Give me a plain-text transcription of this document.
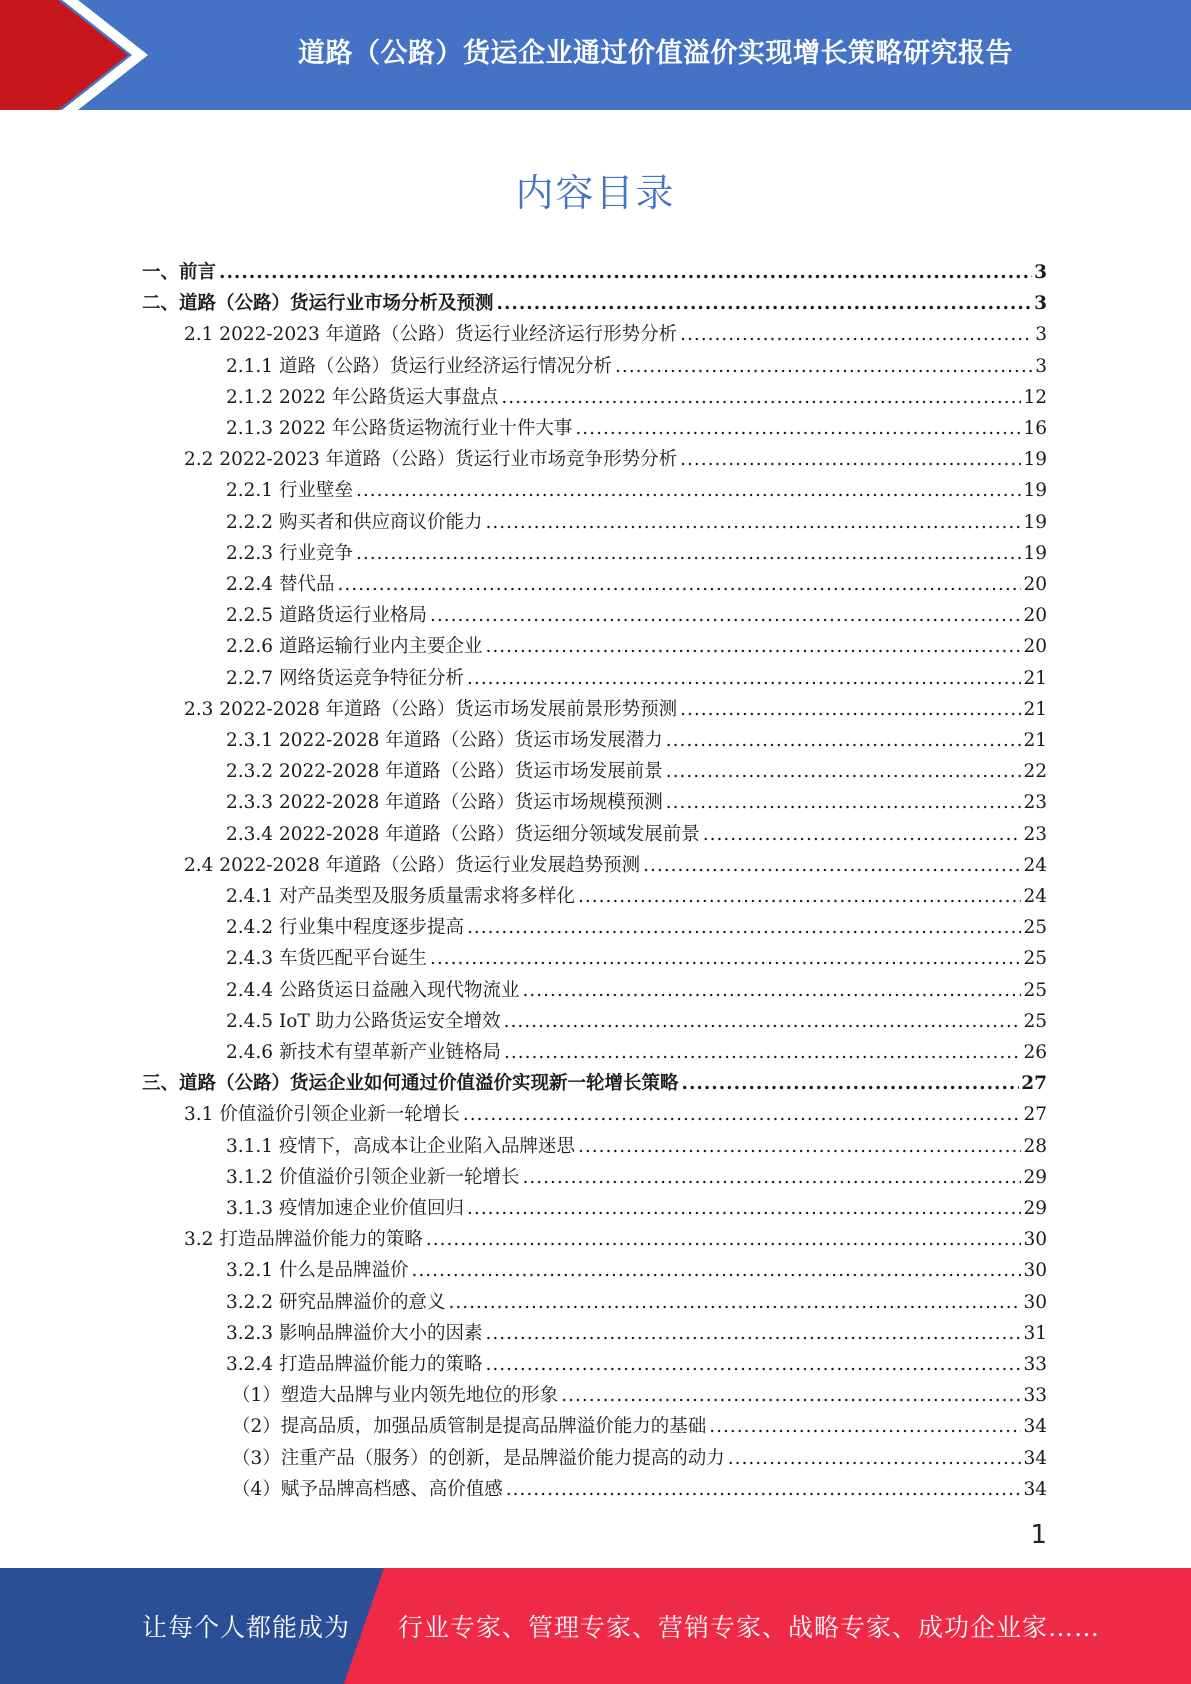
道路（公路）货运企业通过价值溢价实现增长策略研究报告
内容目录
一、前言 .....	3
二、道路（公路）货运行业市场分析及预测 .....	3
2.1 2022-2023 年道路（公路）货运行业经济运行形势分析 .....	3
2.1.1 道路（公路）货运行业经济运行情况分析 .....	3
2.1.2 2022 年公路货运大事盘点 .....	12
2.1.3 2022 年公路货运物流行业十件大事 .....	16
2.2 2022-2023 年道路（公路）货运行业市场竞争形势分析 .....	19
2.2.1 行业壁垒 .....	19
2.2.2 购买者和供应商议价能力 .....	19
2.2.3 行业竞争 .....	19
2.2.4 替代品 .....	20
2.2.5 道路货运行业格局 .....	20
2.2.6 道路运输行业内主要企业 .....	20
2.2.7 网络货运竞争特征分析 .....	21
2.3 2022-2028 年道路（公路）货运市场发展前景形势预测 .....	21
2.3.1 2022-2028 年道路（公路）货运市场发展潜力 .....	21
2.3.2 2022-2028 年道路（公路）货运市场发展前景 .....	22
2.3.3 2022-2028 年道路（公路）货运市场规模预测 .....	23
2.3.4 2022-2028 年道路（公路）货运细分领域发展前景 .....	23
2.4 2022-2028 年道路（公路）货运行业发展趋势预测 .....	24
2.4.1 对产品类型及服务质量需求将多样化 .....	24
2.4.2 行业集中程度逐步提高 .....	25
2.4.3 车货匹配平台诞生 .....	25
2.4.4 公路货运日益融入现代物流业 .....	25
2.4.5 IoT 助力公路货运安全增效 .....	25
2.4.6 新技术有望革新产业链格局 .....	26
三、道路（公路）货运企业如何通过价值溢价实现新一轮增长策略 .....	27
3.1 价值溢价引领企业新一轮增长 .....	27
3.1.1 疫情下，高成本让企业陷入品牌迷思 .....	28
3.1.2 价值溢价引领企业新一轮增长 .....	29
3.1.3 疫情加速企业价值回归 .....	29
3.2 打造品牌溢价能力的策略 .....	30
3.2.1 什么是品牌溢价 .....	30
3.2.2 研究品牌溢价的意义 .....	30
3.2.3 影响品牌溢价大小的因素 .....	31
3.2.4 打造品牌溢价能力的策略 .....	33
（1）塑造大品牌与业内领先地位的形象 .....	33
（2）提高品质，加强品质管制是提高品牌溢价能力的基础 .....	34
（3）注重产品（服务）的创新，是品牌溢价能力提高的动力 .....	34
（4）赋予品牌高档感、高价值感 .....	34
1
让每个人都能成为 行业专家、管理专家、营销专家、战略专家、成功企业家……
